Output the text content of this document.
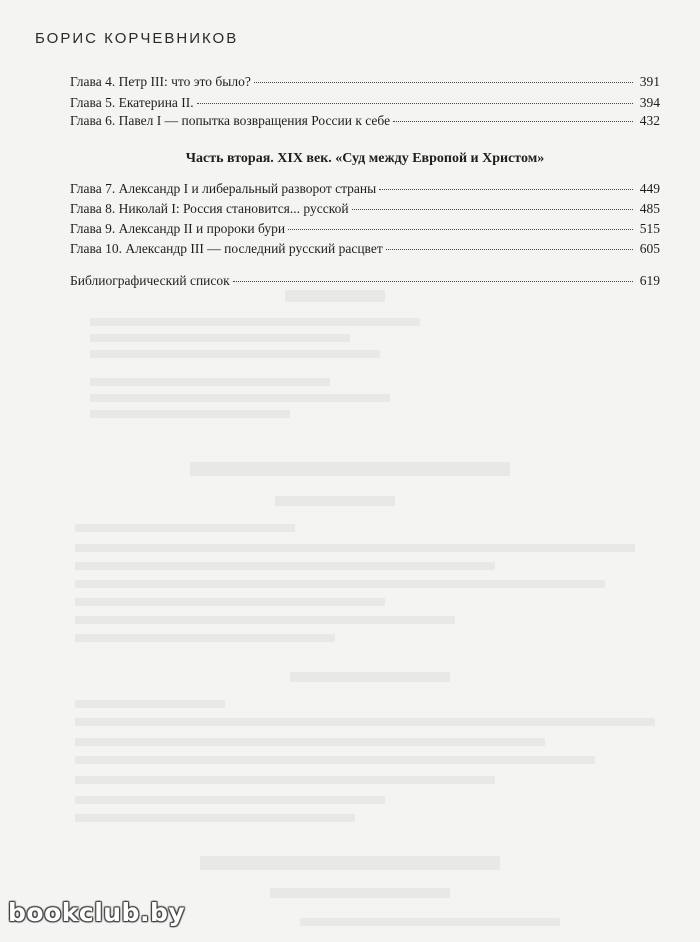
БОРИС КОРЧЕВНИКОВ
Глава 4. Петр III: что это было?	391
Глава 5. Екатерина II.	394
Глава 6. Павел I — попытка возвращения России к себе	432
Часть вторая. XIX век. «Суд между Европой и Христом»
Глава 7. Александр I и либеральный разворот страны	449
Глава 8. Николай I: Россия становится... русской	485
Глава 9. Александр II и пророки бури	515
Глава 10. Александр III — последний русский расцвет	605
Библиографический список	619
bookclub.by
